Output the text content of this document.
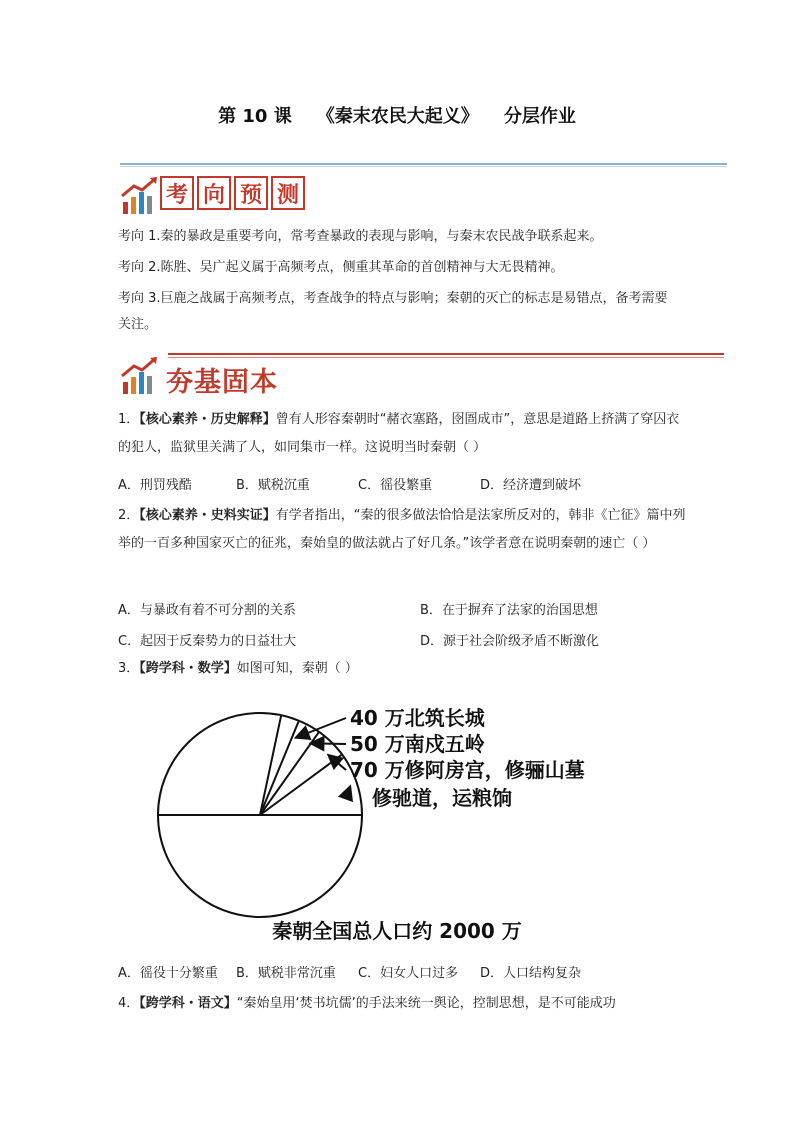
第 10 课    《秦末农民大起义》    分层作业
考 向 预 测
考向 1.秦的暴政是重要考向，常考查暴政的表现与影响，与秦末农民战争联系起来。
考向 2.陈胜、吴广起义属于高频考点，侧重其革命的首创精神与大无畏精神。
考向 3.巨鹿之战属于高频考点，考查战争的特点与影响；秦朝的灭亡的标志是易错点，备考需要关注。
夯基固本
1．【核心素养・历史解释】曾有人形容秦朝时“赭衣塞路，囹圄成市”，意思是道路上挤满了穿囚衣的犯人，监狱里关满了人，如同集市一样。这说明当时秦朝（ ）
A．刑罚残酷	B．赋税沉重	C．徭役繁重	D．经济遭到破坏
2．【核心素养・史料实证】有学者指出，“秦的很多做法恰恰是法家所反对的，韩非《亡征》篇中列举的一百多种国家灭亡的征兆，秦始皇的做法就占了好几条。”该学者意在说明秦朝的速亡（ ）
A．与暴政有着不可分割的关系	B．在于摒弃了法家的治国思想
C．起因于反秦势力的日益壮大	D．源于社会阶级矛盾不断激化
3．【跨学科・数学】如图可知，秦朝（ ）
40 万北筑长城
50 万南戍五岭
70 万修阿房宫，修骊山墓
修驰道，运粮饷
秦朝全国总人口约 2000 万
A．徭役十分繁重 B．赋税非常沉重 C．妇女人口过多 D．人口结构复杂
4．【跨学科・语文】“秦始皇用‘焚书坑儒’的手法来统一舆论，控制思想，是不可能成功
